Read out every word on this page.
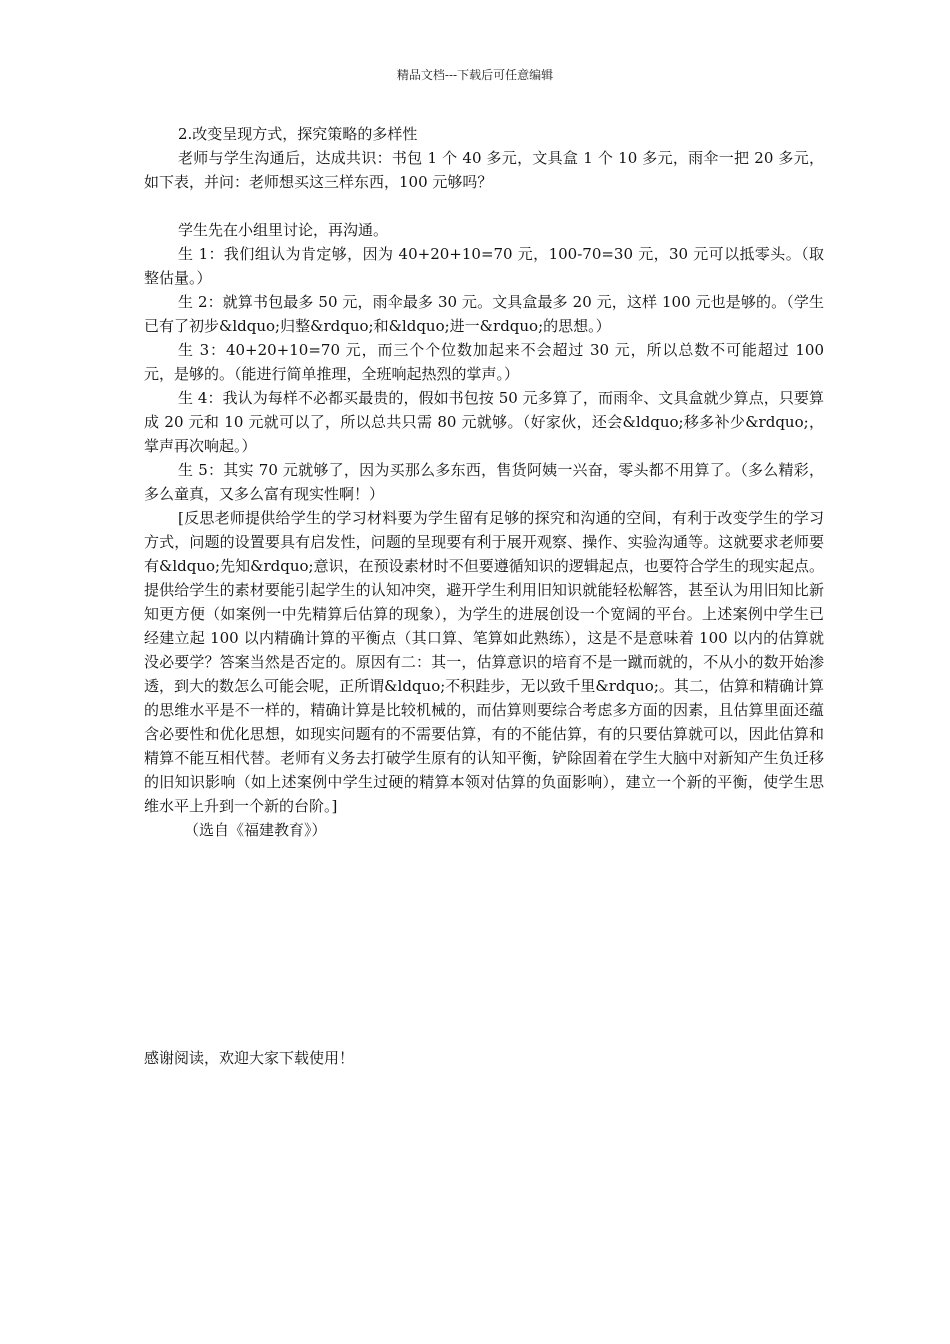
精品文档---下载后可任意编辑

2.改变呈现方式，探究策略的多样性

老师与学生沟通后，达成共识：书包 1 个 40 多元，文具盒 1 个 10 多元，雨伞一把 20 多元，如下表，并问：老师想买这三样东西，100 元够吗？

学生先在小组里讨论，再沟通。

生 1：我们组认为肯定够，因为 40+20+10=70 元，100-70=30 元，30 元可以抵零头。（取整估量。）

生 2：就算书包最多 50 元，雨伞最多 30 元。文具盒最多 20 元，这样 100 元也是够的。（学生已有了初步&ldquo;归整&rdquo;和&ldquo;进一&rdquo;的思想。）

生 3：40+20+10=70 元，而三个个位数加起来不会超过 30 元，所以总数不可能超过 100 元，是够的。（能进行简单推理，全班响起热烈的掌声。）

生 4：我认为每样不必都买最贵的，假如书包按 50 元多算了，而雨伞、文具盒就少算点，只要算成 20 元和 10 元就可以了，所以总共只需 80 元就够。（好家伙，还会&ldquo;移多补少&rdquo;，掌声再次响起。）

生 5：其实 70 元就够了，因为买那么多东西，售货阿姨一兴奋，零头都不用算了。（多么精彩，多么童真，又多么富有现实性啊！）

[反思老师提供给学生的学习材料要为学生留有足够的探究和沟通的空间，有利于改变学生的学习方式，问题的设置要具有启发性，问题的呈现要有利于展开观察、操作、实验沟通等。这就要求老师要有&ldquo;先知&rdquo;意识，在预设素材时不但要遵循知识的逻辑起点，也要符合学生的现实起点。提供给学生的素材要能引起学生的认知冲突，避开学生利用旧知识就能轻松解答，甚至认为用旧知比新知更方便（如案例一中先精算后估算的现象），为学生的进展创设一个宽阔的平台。上述案例中学生已经建立起 100 以内精确计算的平衡点（其口算、笔算如此熟练），这是不是意味着 100 以内的估算就没必要学？答案当然是否定的。原因有二：其一，估算意识的培育不是一蹴而就的，不从小的数开始渗透，到大的数怎么可能会呢，正所谓&ldquo;不积跬步，无以致千里&rdquo;。其二，估算和精确计算的思维水平是不一样的，精确计算是比较机械的，而估算则要综合考虑多方面的因素，且估算里面还蕴含必要性和优化思想，如现实问题有的不需要估算，有的不能估算，有的只要估算就可以，因此估算和精算不能互相代替。老师有义务去打破学生原有的认知平衡，铲除固着在学生大脑中对新知产生负迁移的旧知识影响（如上述案例中学生过硬的精算本领对估算的负面影响），建立一个新的平衡，使学生思维水平上升到一个新的台阶。]

（选自《福建教育》）

感谢阅读，欢迎大家下载使用！
